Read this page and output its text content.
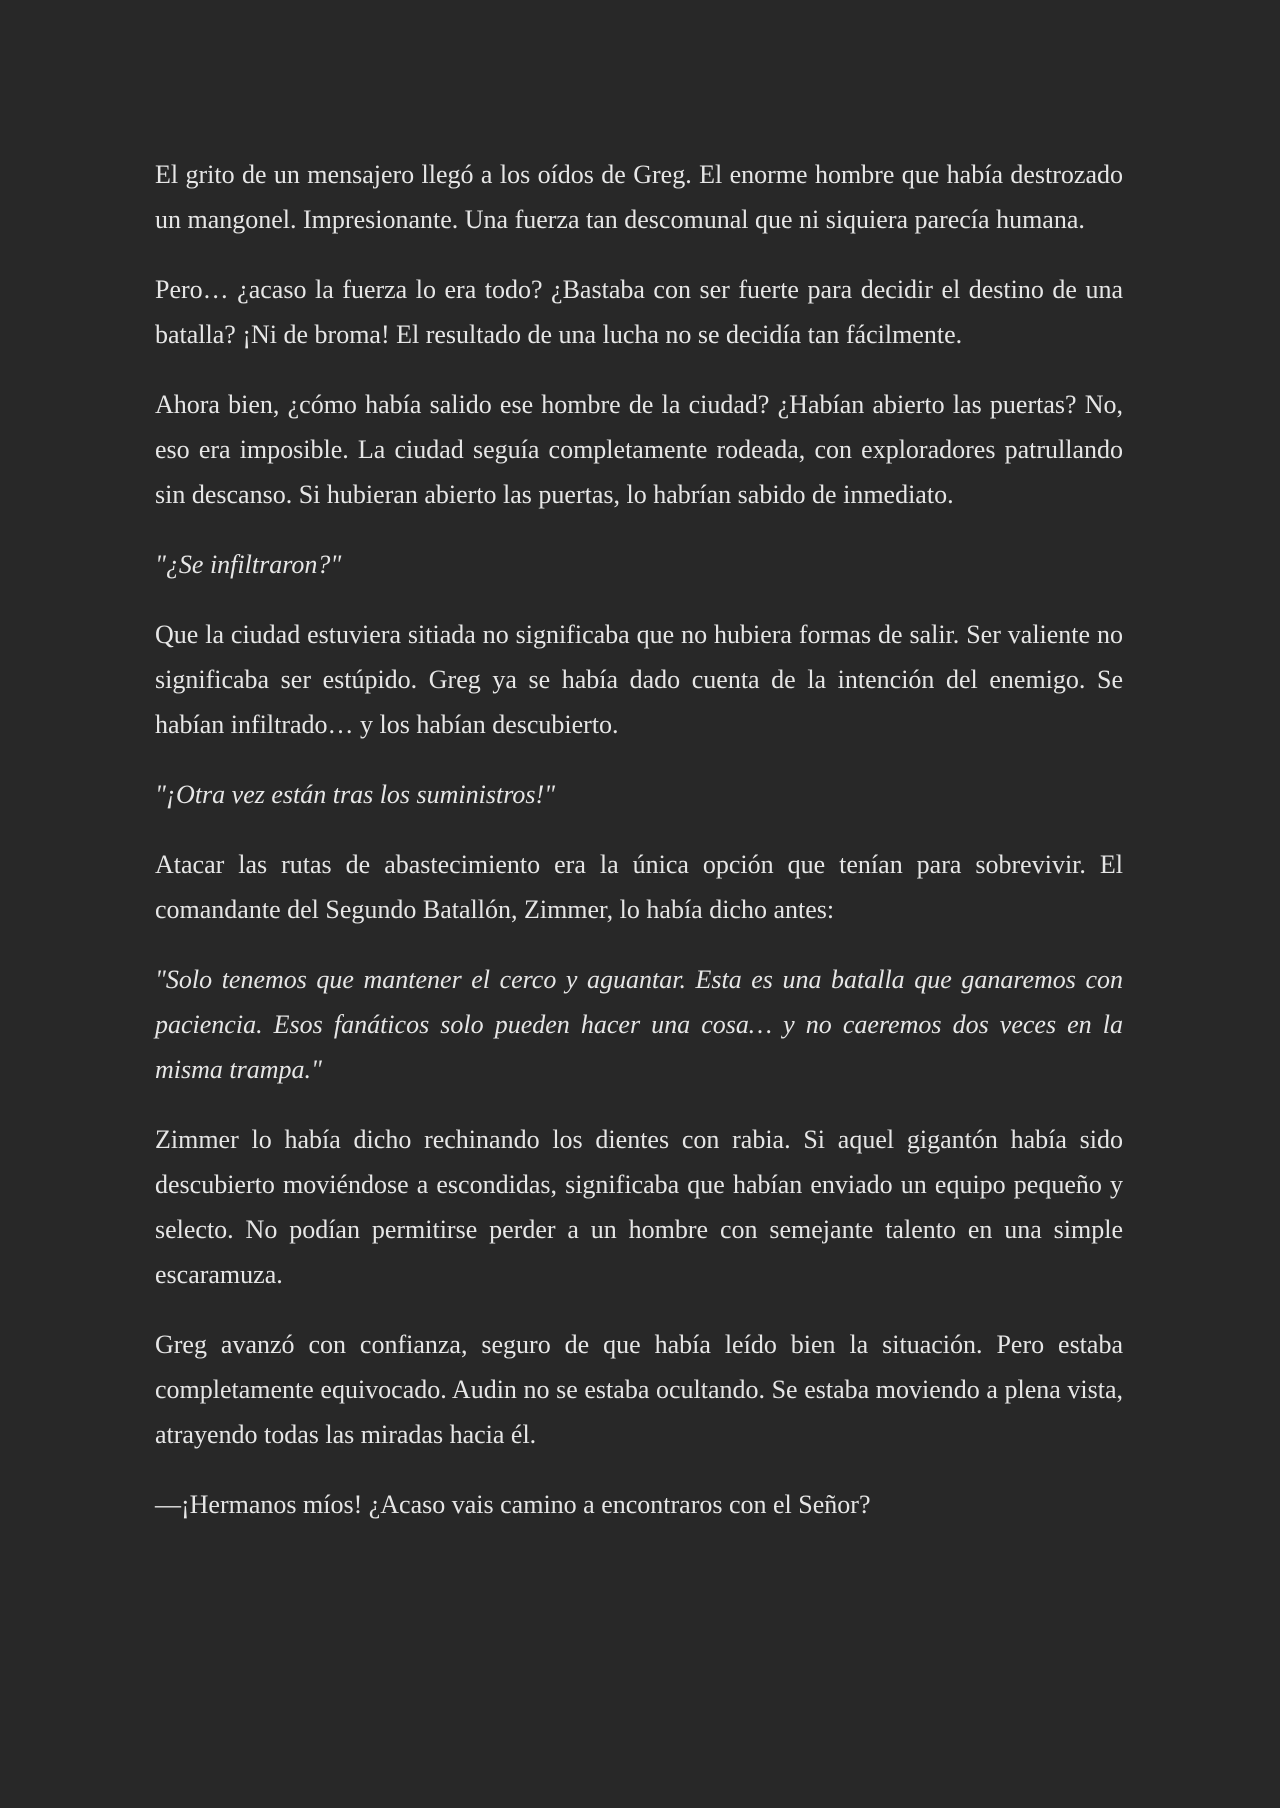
El grito de un mensajero llegó a los oídos de Greg. El enorme hombre que había destrozado un mangonel. Impresionante. Una fuerza tan descomunal que ni siquiera parecía humana.

Pero… ¿acaso la fuerza lo era todo? ¿Bastaba con ser fuerte para decidir el destino de una batalla? ¡Ni de broma! El resultado de una lucha no se decidía tan fácilmente.

Ahora bien, ¿cómo había salido ese hombre de la ciudad? ¿Habían abierto las puertas? No, eso era imposible. La ciudad seguía completamente rodeada, con exploradores patrullando sin descanso. Si hubieran abierto las puertas, lo habrían sabido de inmediato.

"¿Se infiltraron?"

Que la ciudad estuviera sitiada no significaba que no hubiera formas de salir. Ser valiente no significaba ser estúpido. Greg ya se había dado cuenta de la intención del enemigo. Se habían infiltrado… y los habían descubierto.

"¡Otra vez están tras los suministros!"

Atacar las rutas de abastecimiento era la única opción que tenían para sobrevivir. El comandante del Segundo Batallón, Zimmer, lo había dicho antes:

"Solo tenemos que mantener el cerco y aguantar. Esta es una batalla que ganaremos con paciencia. Esos fanáticos solo pueden hacer una cosa… y no caeremos dos veces en la misma trampa."

Zimmer lo había dicho rechinando los dientes con rabia. Si aquel gigantón había sido descubierto moviéndose a escondidas, significaba que habían enviado un equipo pequeño y selecto. No podían permitirse perder a un hombre con semejante talento en una simple escaramuza.

Greg avanzó con confianza, seguro de que había leído bien la situación. Pero estaba completamente equivocado. Audin no se estaba ocultando. Se estaba moviendo a plena vista, atrayendo todas las miradas hacia él.

—¡Hermanos míos! ¿Acaso vais camino a encontraros con el Señor?
